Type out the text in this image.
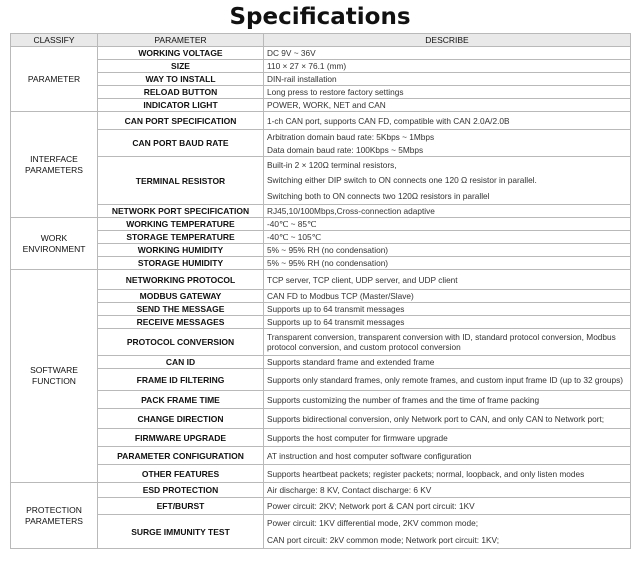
Specifications
CLASSIFY	PARAMETER	DESCRIBE
PARAMETER	WORKING VOLTAGE	DC 9V ~ 36V
	SIZE	110 × 27 × 76.1 (mm)
	WAY TO INSTALL	DIN-rail installation
	RELOAD BUTTON	Long press to restore factory settings
	INDICATOR LIGHT	POWER, WORK, NET and CAN
INTERFACE PARAMETERS	CAN PORT SPECIFICATION	1-ch CAN port, supports CAN FD, compatible with CAN 2.0A/2.0B
	CAN PORT BAUD RATE	Arbitration domain baud rate: 5Kbps ~ 1Mbps
Data domain baud rate: 100Kbps ~ 5Mbps

	TERMINAL RESISTOR	Built-in 2 × 120Ω terminal resistors,
Switching either DIP switch to ON connects one 120 Ω resistor in parallel.
Switching both to ON connects two 120Ω resistors in parallel

	NETWORK PORT SPECIFICATION	RJ45,10/100Mbps,Cross-connection adaptive
WORK ENVIRONMENT	WORKING TEMPERATURE	-40℃ ~ 85℃
	STORAGE TEMPERATURE	-40℃ ~ 105℃
	WORKING HUMIDITY	5% ~ 95% RH (no condensation)
	STORAGE HUMIDITY	5% ~ 95% RH (no condensation)
SOFTWARE FUNCTION	NETWORKING PROTOCOL	TCP server, TCP client, UDP server, and UDP client
	MODBUS GATEWAY	CAN FD to Modbus TCP (Master/Slave)
	SEND THE MESSAGE	Supports up to 64 transmit messages
	RECEIVE MESSAGES	Supports up to 64 transmit messages
	PROTOCOL CONVERSION	Transparent conversion, transparent conversion with ID, standard protocol conversion, Modbus protocol conversion, and custom protocol conversion
	CAN ID	Supports standard frame and extended frame
	FRAME ID FILTERING	Supports only standard frames, only remote frames, and custom input frame ID (up to 32 groups)
	PACK FRAME TIME	Supports customizing the number of frames and the time of frame packing
	CHANGE DIRECTION	Supports bidirectional conversion, only Network port to CAN, and only CAN to Network port;
	FIRMWARE UPGRADE	Supports the host computer for firmware upgrade
	PARAMETER CONFIGURATION	AT instruction and host computer software configuration
	OTHER FEATURES	Supports heartbeat packets; register packets; normal, loopback, and only listen modes
PROTECTION PARAMETERS	ESD PROTECTION	Air discharge: 8 KV, Contact discharge: 6 KV
	EFT/BURST	Power circuit: 2KV; Network port & CAN port circuit: 1KV
	SURGE IMMUNITY TEST	Power circuit: 1KV differential mode, 2KV common mode;
CAN port circuit: 2kV common mode; Network port circuit: 1KV;
